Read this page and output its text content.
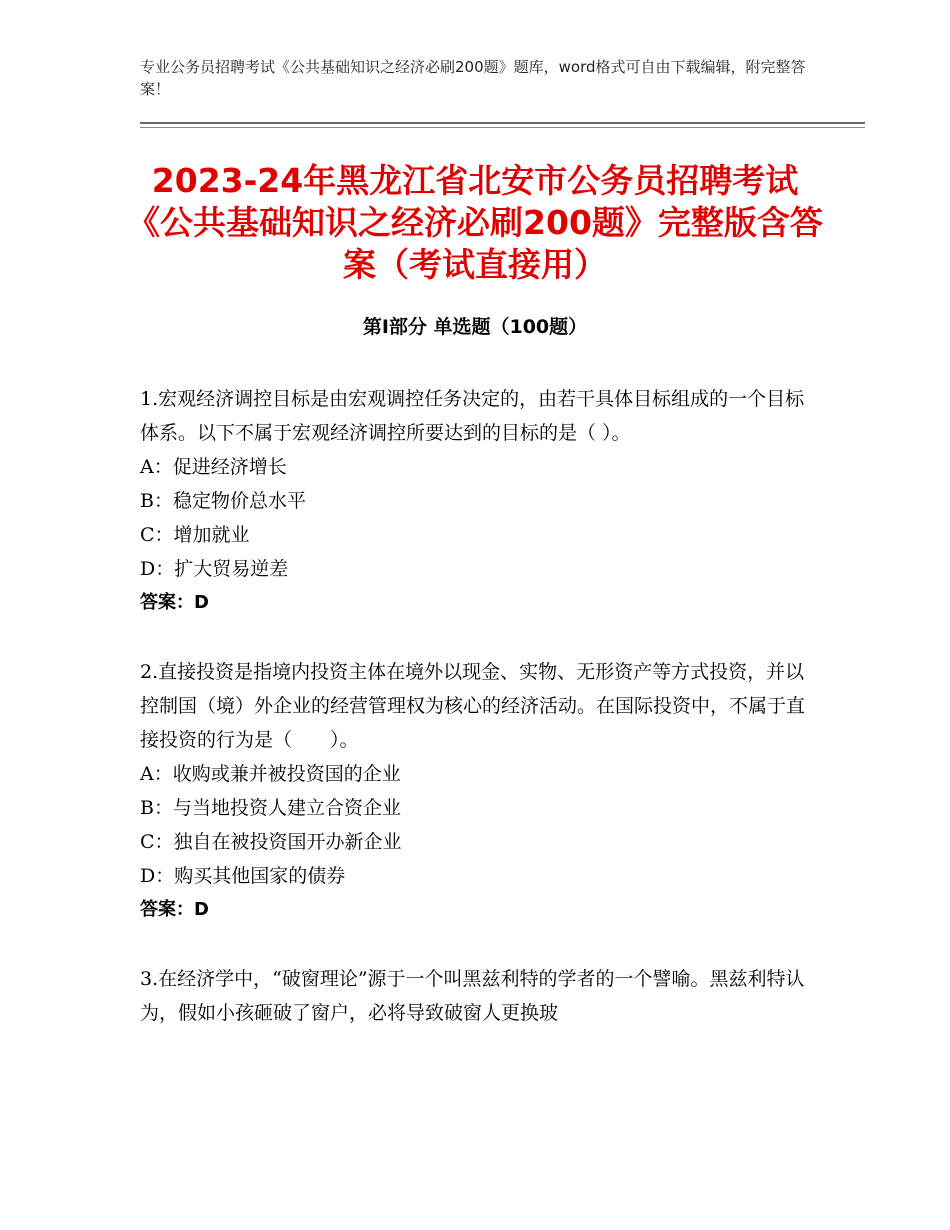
专业公务员招聘考试《公共基础知识之经济必刷200题》题库，word格式可自由下载编辑，附完整答案！
2023-24年黑龙江省北安市公务员招聘考试《公共基础知识之经济必刷200题》完整版含答案（考试直接用）
第Ⅰ部分 单选题（100题）

1.宏观经济调控目标是由宏观调控任务决定的，由若干具体目标组成的一个目标体系。以下不属于宏观经济调控所要达到的目标的是（ ）。

A：促进经济增长

B：稳定物价总水平

C：增加就业

D：扩大贸易逆差

答案：D

2.直接投资是指境内投资主体在境外以现金、实物、无形资产等方式投资，并以控制国（境）外企业的经营管理权为核心的经济活动。在国际投资中，不属于直接投资的行为是（　　）。

A：收购或兼并被投资国的企业

B：与当地投资人建立合资企业

C：独自在被投资国开办新企业

D：购买其他国家的债券

答案：D

3.在经济学中，“破窗理论”源于一个叫黑兹利特的学者的一个譬喻。黑兹利特认为，假如小孩砸破了窗户，必将导致破窗人更换玻
